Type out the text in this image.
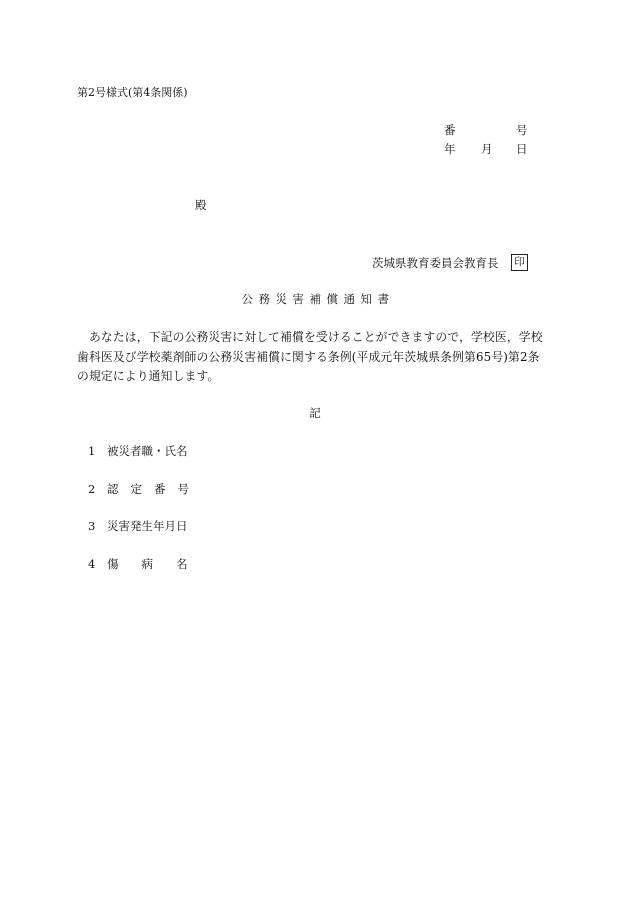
第2号様式(第4条関係)
番	号
年 月 日
殿
茨城県教育委員会教育長	印
公務災害補償通知書
　あなたは，下記の公務災害に対して補償を受けることができますので，学校医，学校
歯科医及び学校薬剤師の公務災害補償に関する条例(平成元年茨城県条例第65号)第2条
の規定により通知します。
記
1 被災者職・氏名
2 認定番号
3 災害発生年月日
4 傷病名
